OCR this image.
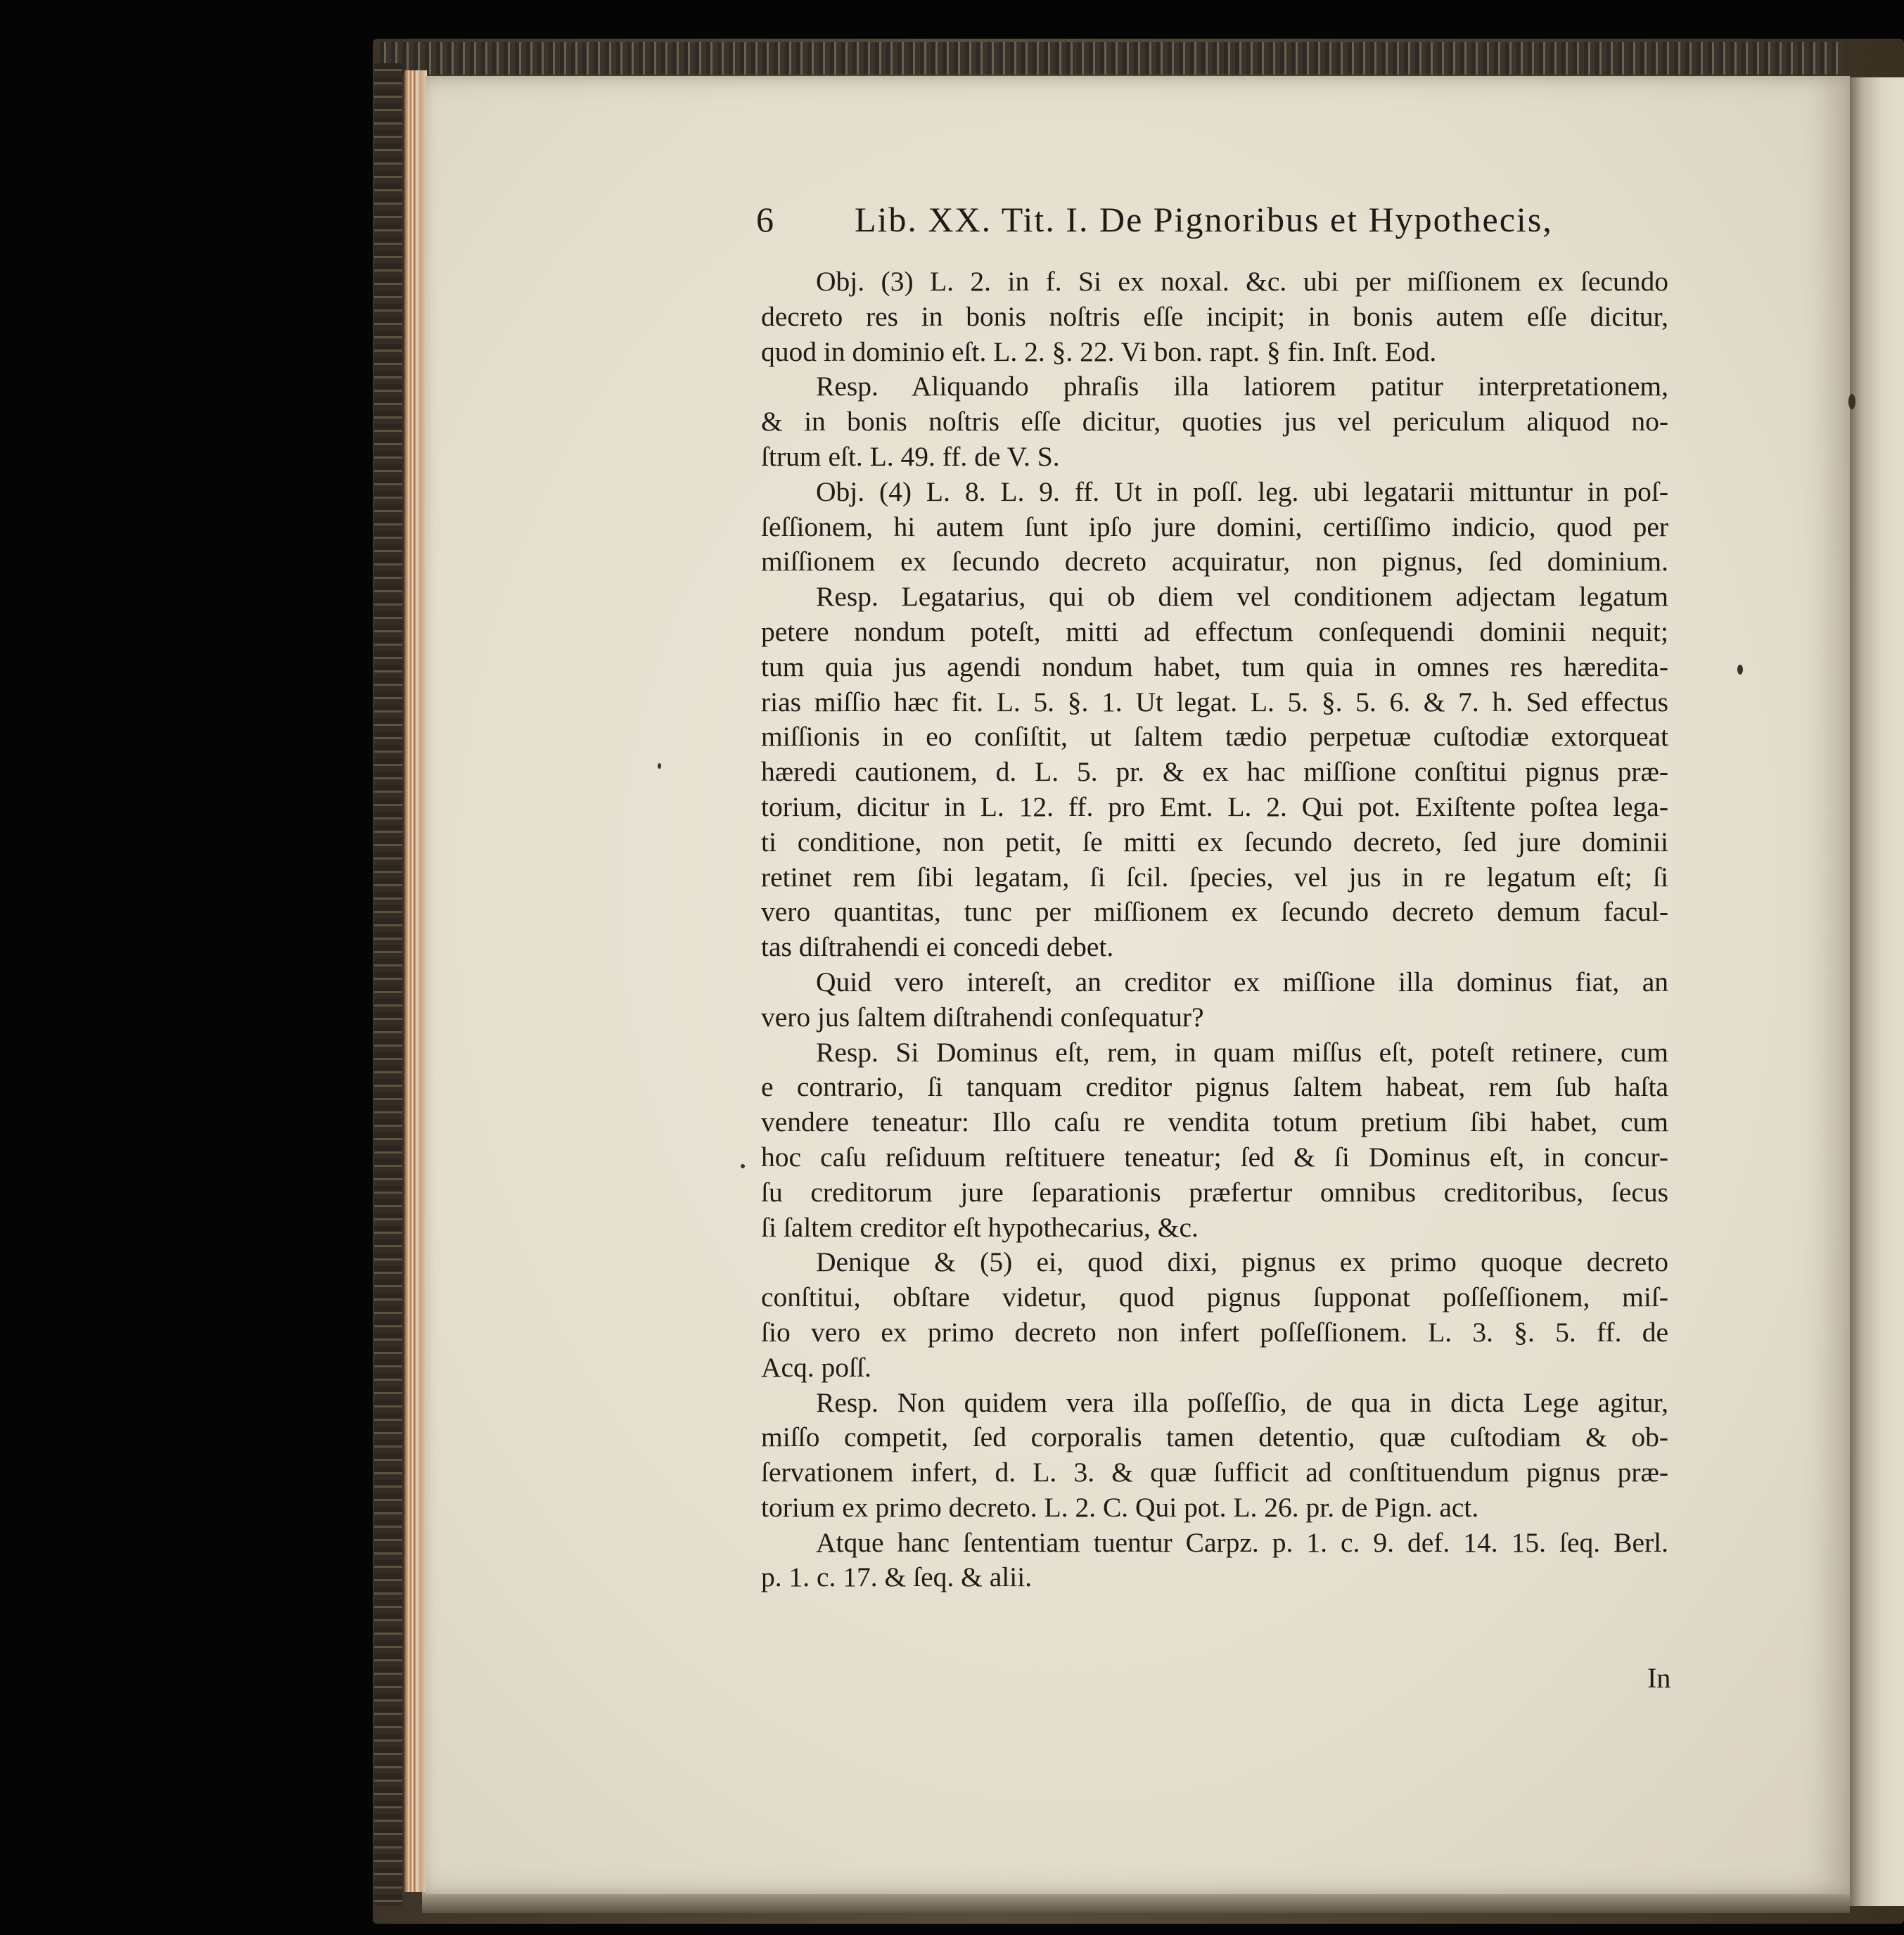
6 Lib. XX. Tit. I. De Pignoribus et Hypothecis,
Obj. (3) L. 2. in f. Si ex noxal. &c. ubi per miſſionem ex ſecundo
decreto res in bonis noſtris eſſe incipit; in bonis autem eſſe dicitur,
quod in dominio eſt. L. 2. §. 22. Vi bon. rapt. § fin. Inſt. Eod.
Resp. Aliquando phraſis illa latiorem patitur interpretationem,
& in bonis noſtris eſſe dicitur, quoties jus vel periculum aliquod no-
ſtrum eſt. L. 49. ff. de V. S.
Obj. (4) L. 8. L. 9. ff. Ut in poſſ. leg. ubi legatarii mittuntur in poſ-
ſeſſionem, hi autem ſunt ipſo jure domini, certiſſimo indicio, quod per
miſſionem ex ſecundo decreto acquiratur, non pignus, ſed dominium.
Resp. Legatarius, qui ob diem vel conditionem adjectam legatum
petere nondum poteſt, mitti ad effectum conſequendi dominii nequit;
tum quia jus agendi nondum habet, tum quia in omnes res hæredita-
rias miſſio hæc fit. L. 5. §. 1. Ut legat. L. 5. §. 5. 6. & 7. h. Sed effectus
miſſionis in eo conſiſtit, ut ſaltem tædio perpetuæ cuſtodiæ extorqueat
hæredi cautionem, d. L. 5. pr. & ex hac miſſione conſtitui pignus præ-
torium, dicitur in L. 12. ff. pro Emt. L. 2. Qui pot. Exiſtente poſtea lega-
ti conditione, non petit, ſe mitti ex ſecundo decreto, ſed jure dominii
retinet rem ſibi legatam, ſi ſcil. ſpecies, vel jus in re legatum eſt; ſi
vero quantitas, tunc per miſſionem ex ſecundo decreto demum facul-
tas diſtrahendi ei concedi debet.
Quid vero intereſt, an creditor ex miſſione illa dominus fiat, an
vero jus ſaltem diſtrahendi conſequatur?
Resp. Si Dominus eſt, rem, in quam miſſus eſt, poteſt retinere, cum
e contrario, ſi tanquam creditor pignus ſaltem habeat, rem ſub haſta
vendere teneatur: Illo caſu re vendita totum pretium ſibi habet, cum
hoc caſu reſiduum reſtituere teneatur; ſed & ſi Dominus eſt, in concur-
ſu creditorum jure ſeparationis præfertur omnibus creditoribus, ſecus
ſi ſaltem creditor eſt hypothecarius, &c.
Denique & (5) ei, quod dixi, pignus ex primo quoque decreto
conſtitui, obſtare videtur, quod pignus ſupponat poſſeſſionem, miſ-
ſio vero ex primo decreto non infert poſſeſſionem. L. 3. §. 5. ff. de
Acq. poſſ.
Resp. Non quidem vera illa poſſeſſio, de qua in dicta Lege agitur,
miſſo competit, ſed corporalis tamen detentio, quæ cuſtodiam & ob-
ſervationem infert, d. L. 3. & quæ ſufficit ad conſtituendum pignus præ-
torium ex primo decreto. L. 2. C. Qui pot. L. 26. pr. de Pign. act.
Atque hanc ſententiam tuentur Carpz. p. 1. c. 9. def. 14. 15. ſeq. Berl.
p. 1. c. 17. & ſeq. & alii.
In
